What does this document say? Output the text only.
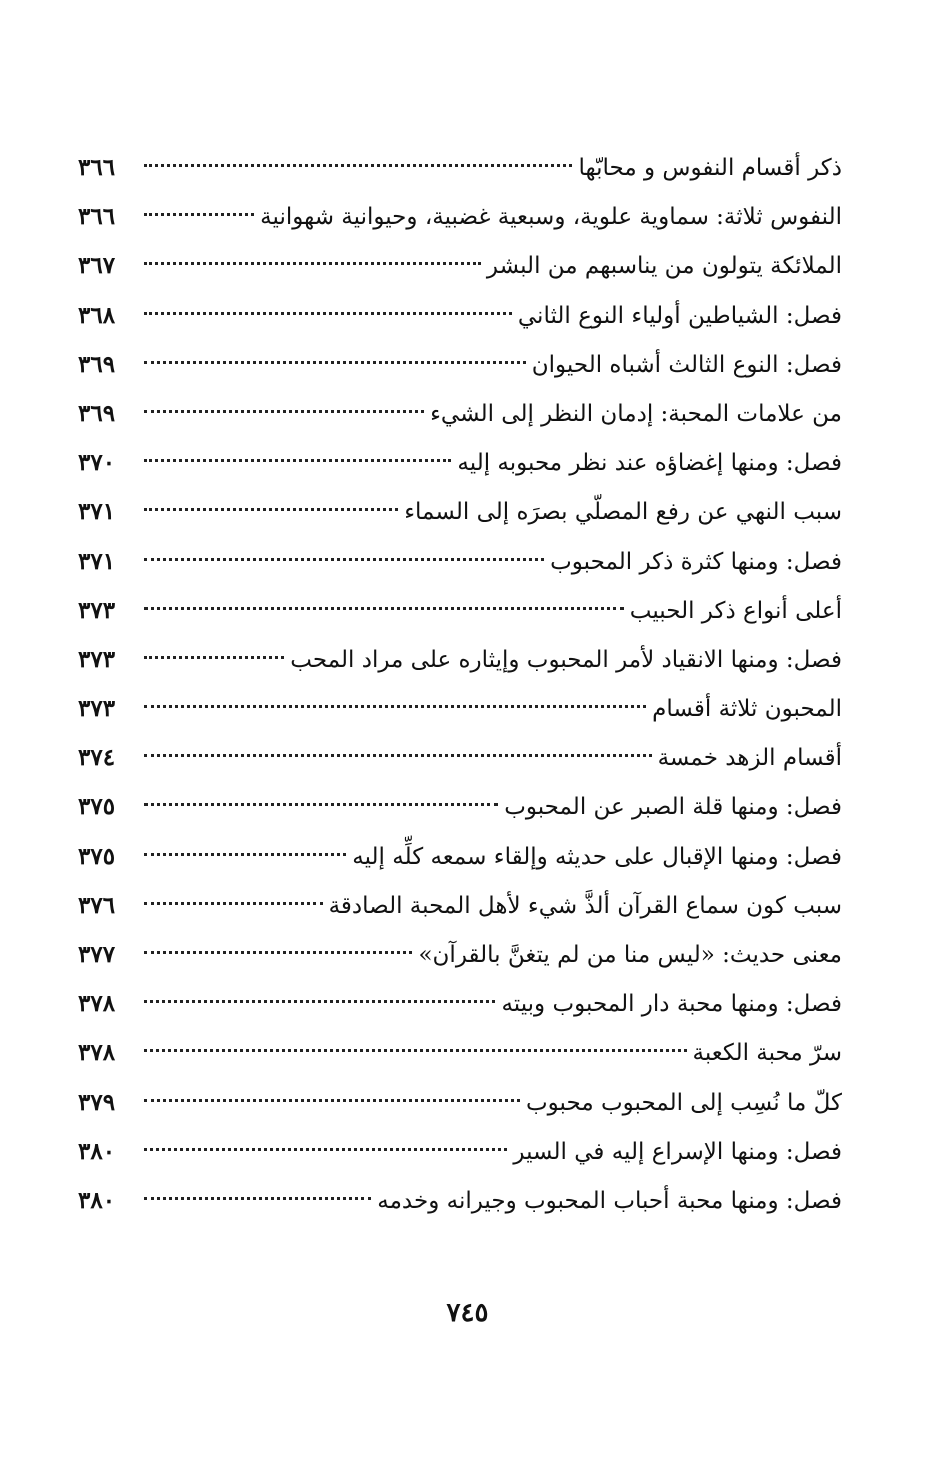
ذكر أقسام النفوس و محابّها
٣٦٦
النفوس ثلاثة: سماوية علوية، وسبعية غضبية، وحيوانية شهوانية
٣٦٦
الملائكة يتولون من يناسبهم من البشر
٣٦٧
فصل: الشياطين أولياء النوع الثاني
٣٦٨
فصل: النوع الثالث أشباه الحيوان
٣٦٩
من علامات المحبة: إدمان النظر إلى الشيء
٣٦٩
فصل: ومنها إغضاؤه عند نظر محبوبه إليه
٣٧٠
سبب النهي عن رفع المصلّي بصرَه إلى السماء
٣٧١
فصل: ومنها كثرة ذكر المحبوب
٣٧١
أعلى أنواع ذكر الحبيب
٣٧٣
فصل: ومنها الانقياد لأمر المحبوب وإيثاره على مراد المحب
٣٧٣
المحبون ثلاثة أقسام
٣٧٣
أقسام الزهد خمسة
٣٧٤
فصل: ومنها قلة الصبر عن المحبوب
٣٧٥
فصل: ومنها الإقبال على حديثه وإلقاء سمعه كلِّه إليه
٣٧٥
سبب كون سماع القرآن ألذَّ شيء لأهل المحبة الصادقة
٣٧٦
معنى حديث: «ليس منا من لم يتغنَّ بالقرآن»
٣٧٧
فصل: ومنها محبة دار المحبوب وبيته
٣٧٨
سرّ محبة الكعبة
٣٧٨
كلّ ما نُسِب إلى المحبوب محبوب
٣٧٩
فصل: ومنها الإسراع إليه في السير
٣٨٠
فصل: ومنها محبة أحباب المحبوب وجيرانه وخدمه
٣٨٠
٧٤٥
